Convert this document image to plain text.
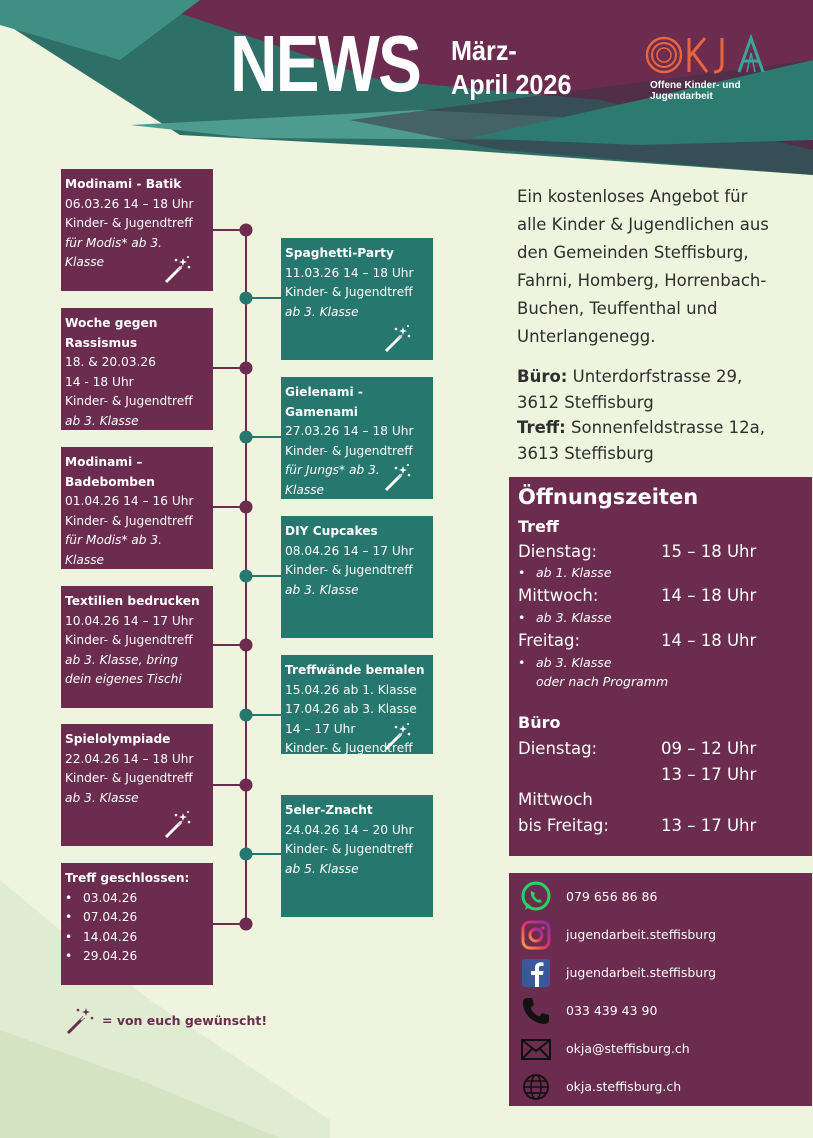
NEWS März-
April 2026	Offene Kinder- und
Jugendarbeit
Modinami - Batik
06.03.26 14 – 18 Uhr
Kinder- & Jugendtreff
für Modis* ab 3.
Klasse
Woche gegen
Rassismus
18. & 20.03.26
14 - 18 Uhr
Kinder- & Jugendtreff
ab 3. Klasse
Modinami –
Badebomben
01.04.26 14 – 16 Uhr
Kinder- & Jugendtreff
für Modis* ab 3.
Klasse
Textilien bedrucken
10.04.26 14 – 17 Uhr
Kinder- & Jugendtreff
ab 3. Klasse, bring
dein eigenes Tischi
Spielolympiade
22.04.26 14 – 18 Uhr
Kinder- & Jugendtreff
ab 3. Klasse
Treff geschlossen:
• 03.04.26
• 07.04.26
• 14.04.26
• 29.04.26
Spaghetti-Party
11.03.26 14 – 18 Uhr
Kinder- & Jugendtreff
ab 3. Klasse
Gielenami -
Gamenami
27.03.26 14 – 18 Uhr
Kinder- & Jugendtreff
für Jungs* ab 3.
Klasse
DIY Cupcakes
08.04.26 14 – 17 Uhr
Kinder- & Jugendtreff
ab 3. Klasse
Treffwände bemalen
15.04.26 ab 1. Klasse
17.04.26 ab 3. Klasse
14 – 17 Uhr
Kinder- & Jugendtreff
5eler-Znacht
24.04.26 14 – 20 Uhr
Kinder- & Jugendtreff
ab 5. Klasse
Ein kostenloses Angebot für
alle Kinder & Jugendlichen aus
den Gemeinden Steffisburg,
Fahrni, Homberg, Horrenbach-
Buchen, Teuffenthal und
Unterlangenegg.
Büro: Unterdorfstrasse 29,
3612 Steffisburg
Treff: Sonnenfeldstrasse 12a,
3613 Steffisburg
Öffnungszeiten
Treff
Dienstag:	15 – 18 Uhr
• ab 1. Klasse
Mittwoch:	14 – 18 Uhr
• ab 3. Klasse
Freitag:	14 – 18 Uhr
• ab 3. Klasse
oder nach Programm
Büro
Dienstag:	09 – 12 Uhr
13 – 17 Uhr
Mittwoch
bis Freitag:	13 – 17 Uhr
079 656 86 86
jugendarbeit.steffisburg
jugendarbeit.steffisburg
033 439 43 90
okja@steffisburg.ch
okja.steffisburg.ch
= von euch gewünscht!
